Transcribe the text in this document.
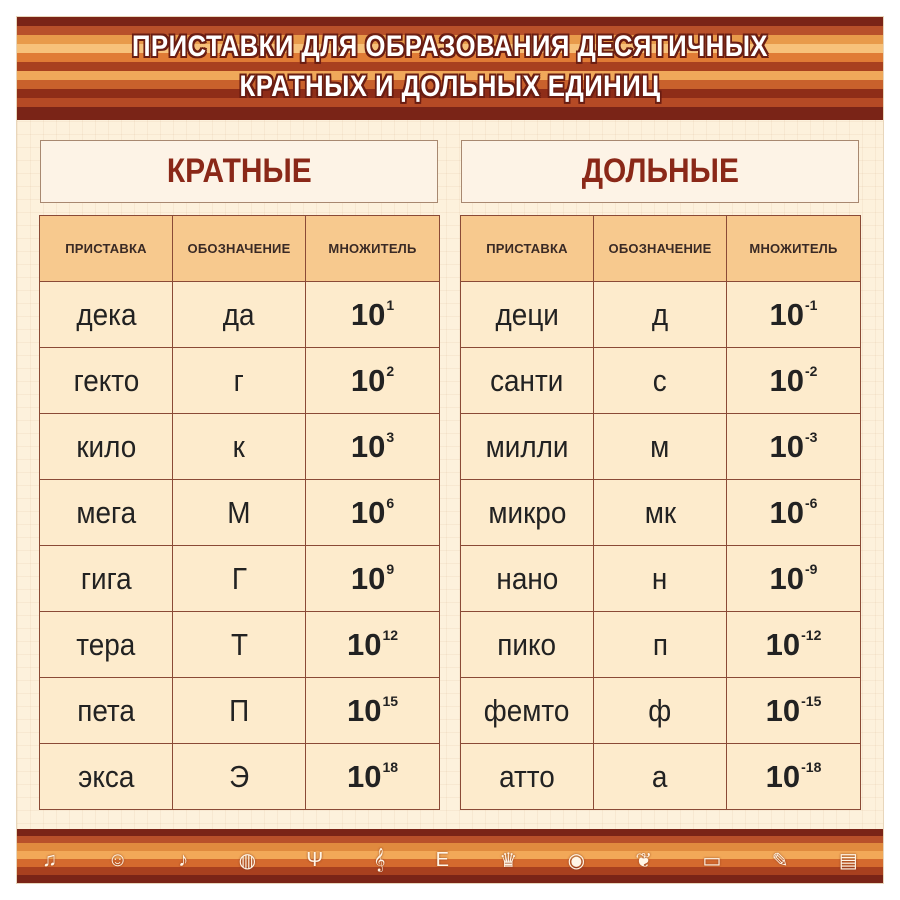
ПРИСТАВКИ ДЛЯ ОБРАЗОВАНИЯ ДЕСЯТИЧНЫХ
КРАТНЫХ И ДОЛЬНЫХ ЕДИНИЦ
КРАТНЫЕ	ДОЛЬНЫЕ
ПРИСТАВКА	ОБОЗНАЧЕНИЕ	МНОЖИТЕЛЬ
дека	да	$10^1$
гекто	г	$10^2$
кило	к	$10^3$
мега	М	$10^6$
гига	Г	$10^9$
тера	Т	$10^{12}$
пета	П	$10^{15}$
экса	Э	$10^{18}$
ПРИСТАВКА	ОБОЗНАЧЕНИЕ	МНОЖИТЕЛЬ
деци	д	$10^{-1}$
санти	с	$10^{-2}$
милли	м	$10^{-3}$
микро	мк	$10^{-6}$
нано	н	$10^{-9}$
пико	п	$10^{-12}$
фемто	ф	$10^{-15}$
атто	а	$10^{-18}$
♫	☺	♪	◍	Ψ	𝄞	E	♛	◉	❦	▭	✎	▤
